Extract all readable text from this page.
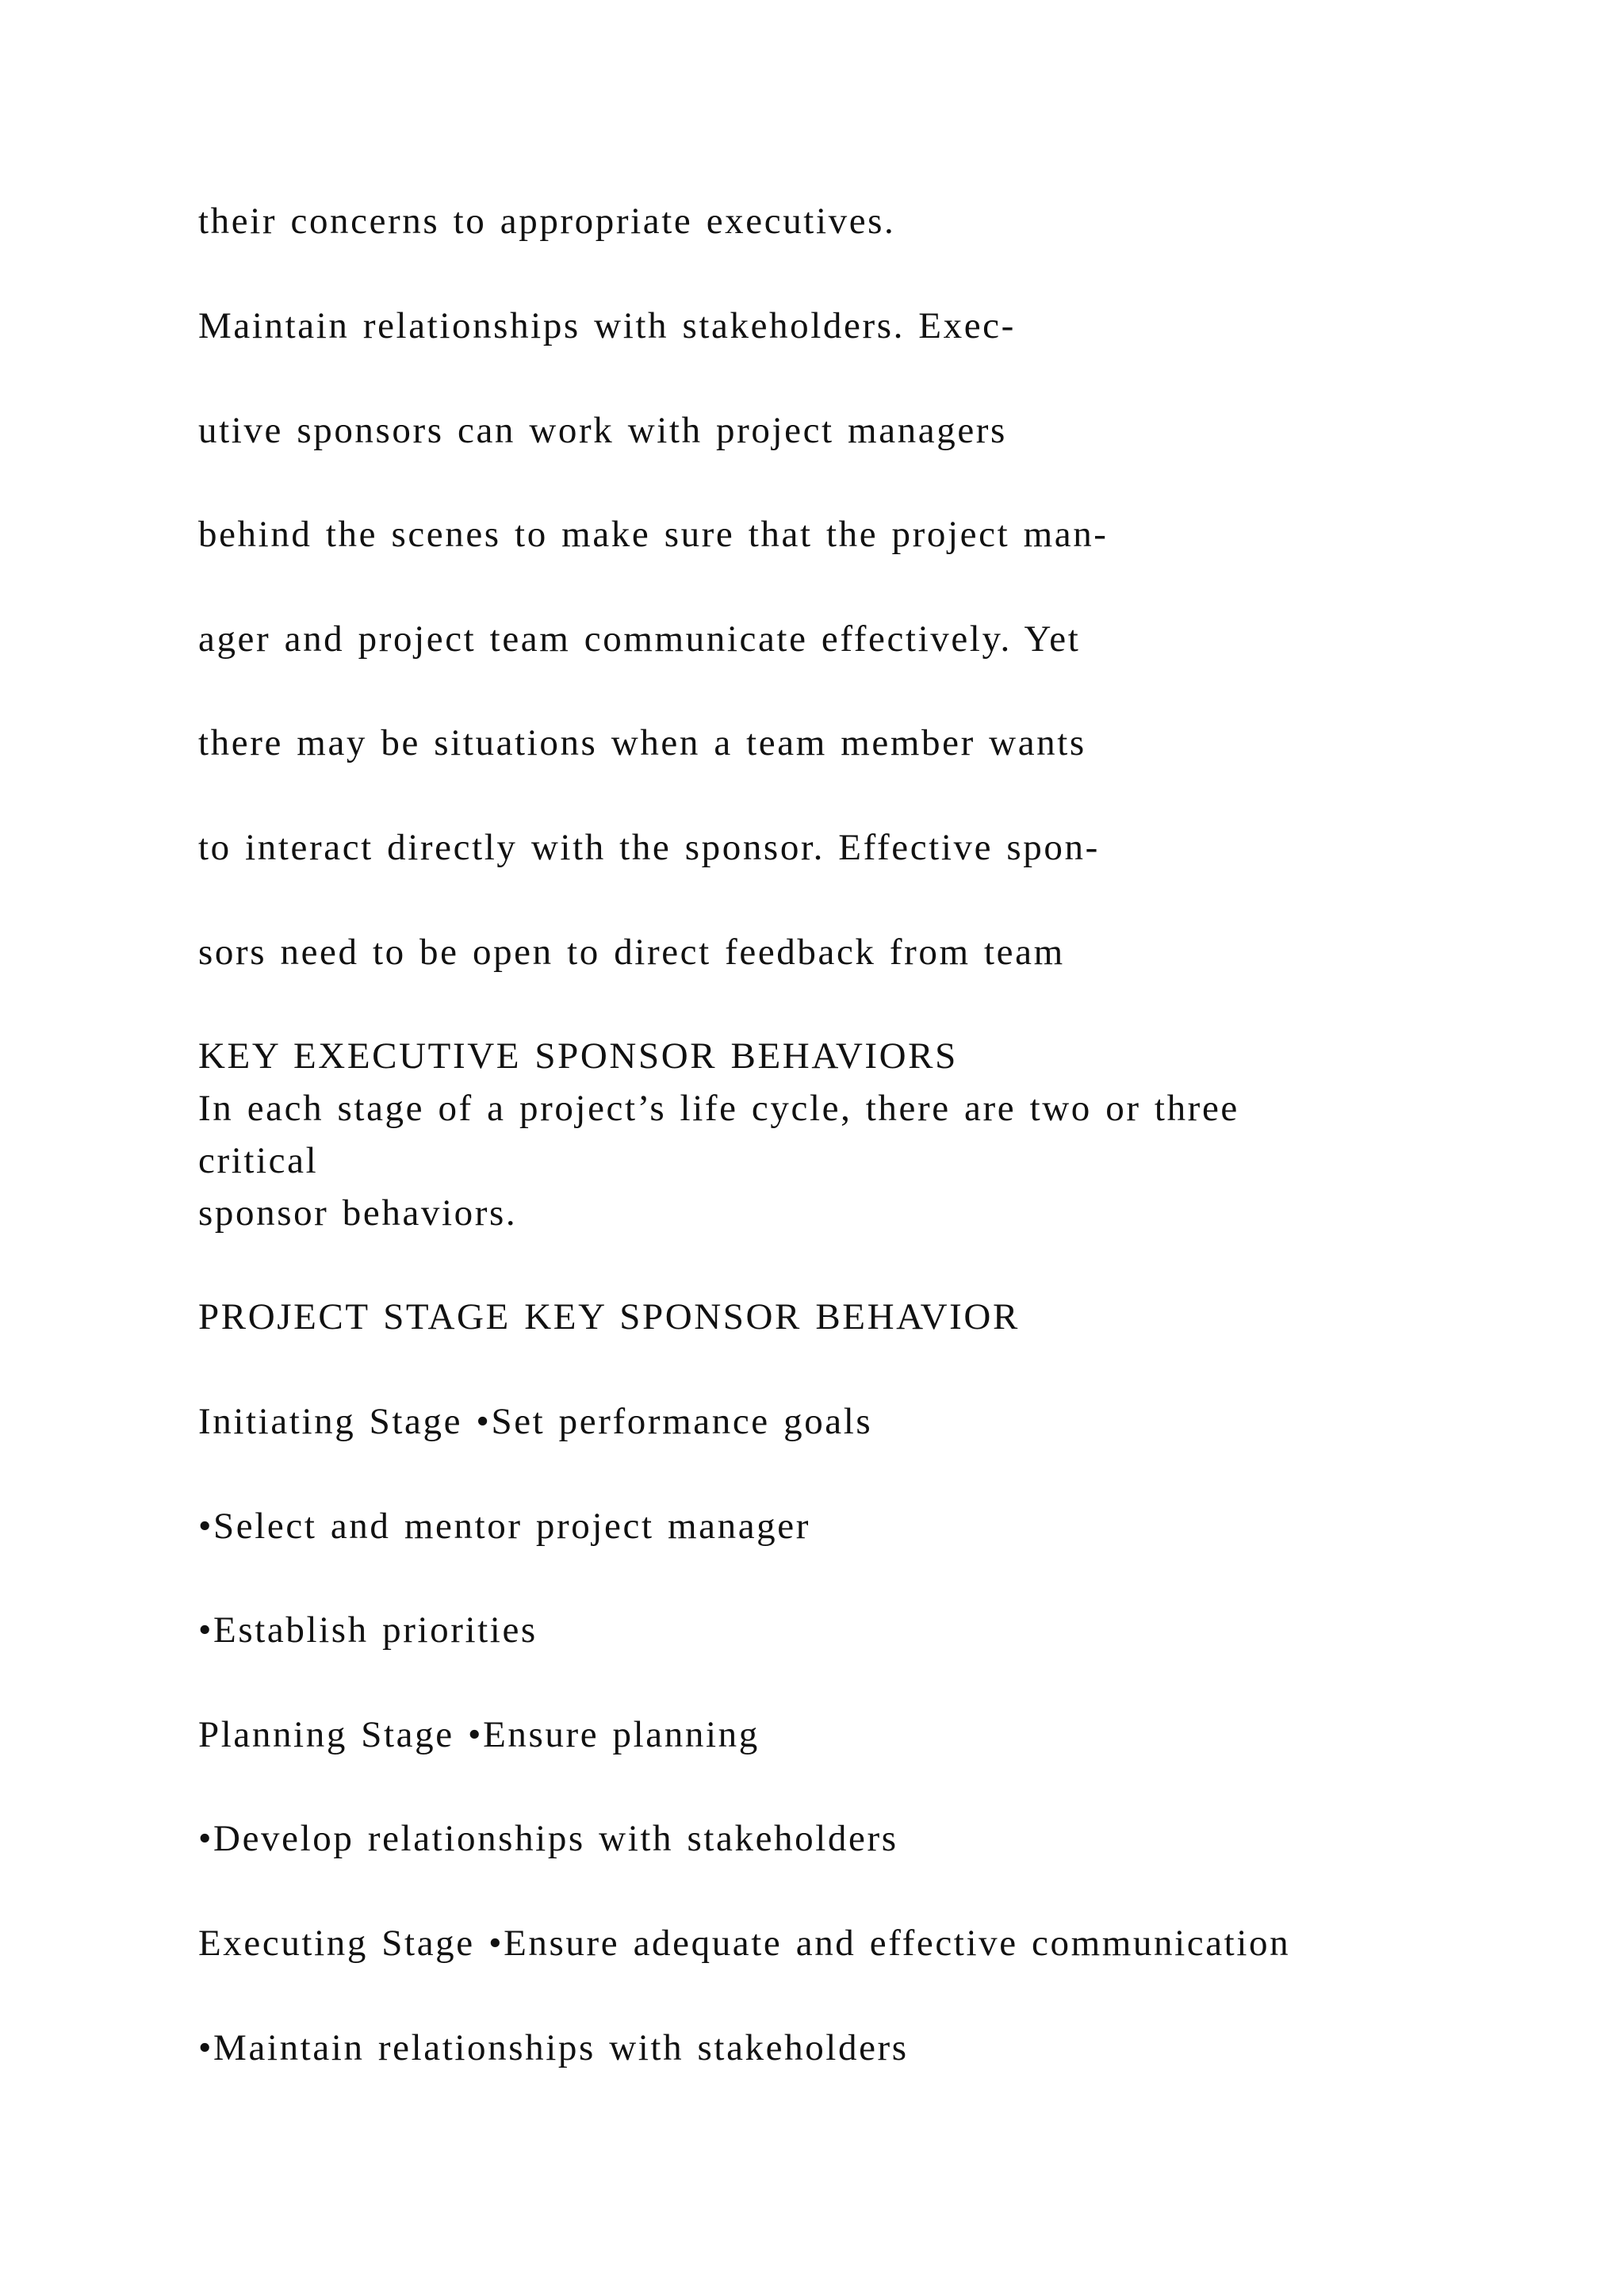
their concerns to appropriate executives.
Maintain relationships with stakeholders. Exec-
utive sponsors can work with project managers
behind the scenes to make sure that the project man-
ager and project team communicate effectively. Yet
there may be situations when a team member wants
to interact directly with the sponsor. Effective spon-
sors need to be open to direct feedback from team
KEY EXECUTIVE SPONSOR BEHAVIORS
In each stage of a project’s life cycle, there are two or three
critical
sponsor behaviors.
PROJECT STAGE KEY SPONSOR BEHAVIOR
Initiating Stage •Set performance goals
•Select and mentor project manager
•Establish priorities
Planning Stage •Ensure planning
•Develop relationships with stakeholders
Executing Stage •Ensure adequate and effective communication
•Maintain relationships with stakeholders
